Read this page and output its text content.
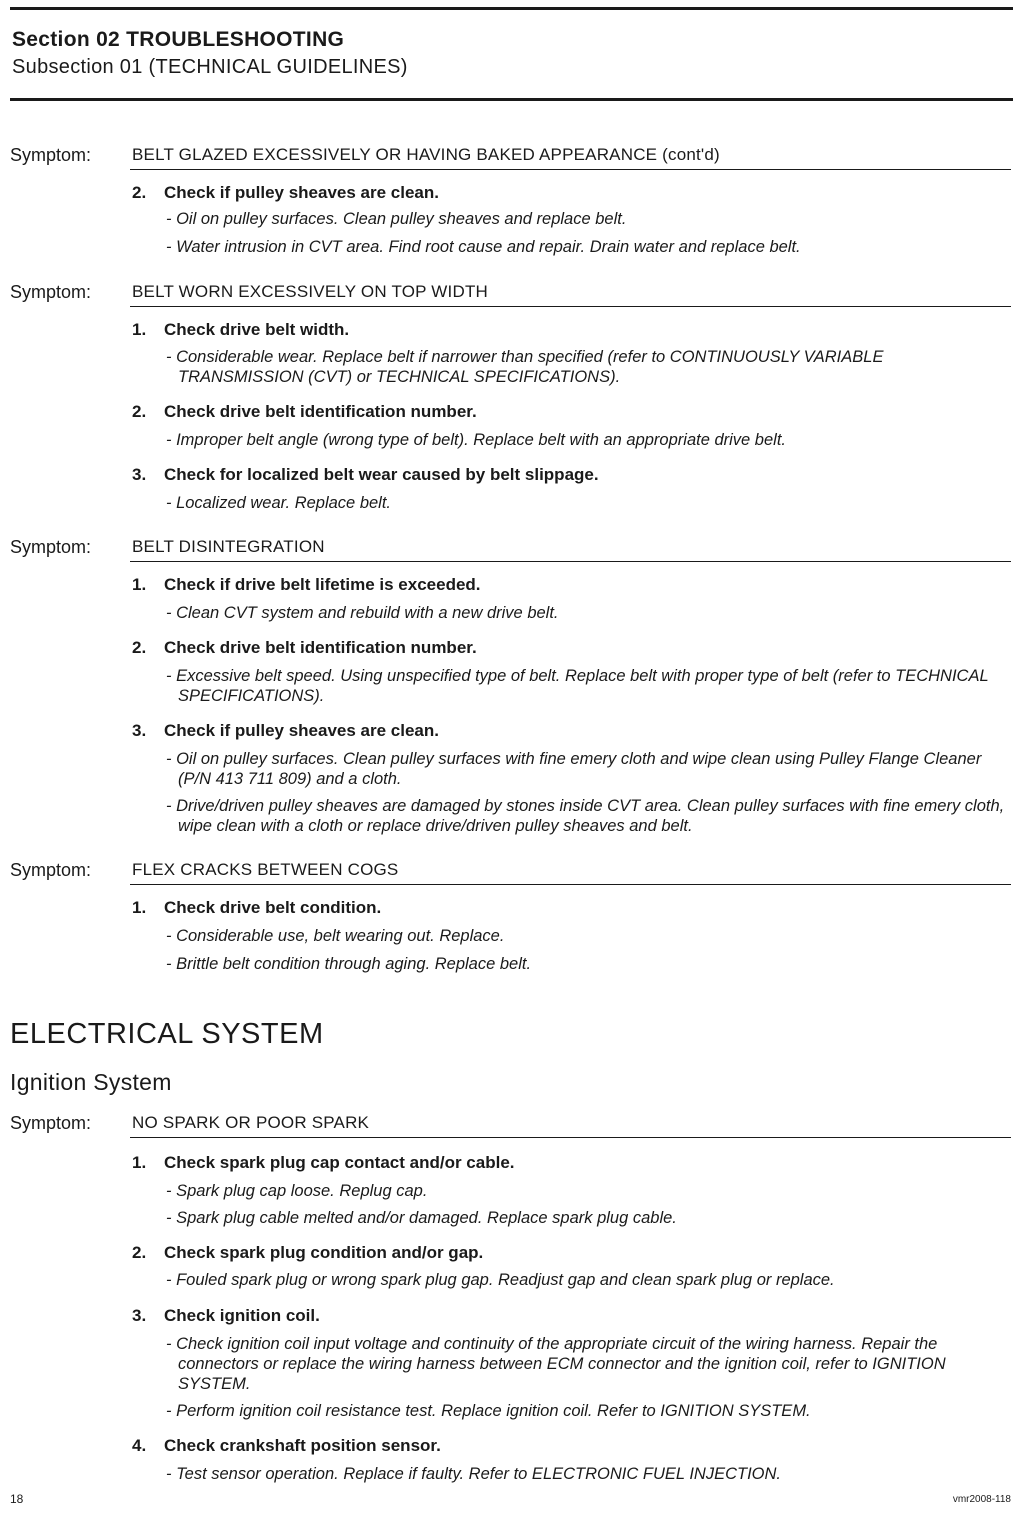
Section 02 TROUBLESHOOTING
Subsection 01 (TECHNICAL GUIDELINES)
Symptom: BELT GLAZED EXCESSIVELY OR HAVING BAKED APPEARANCE (cont'd)
2. Check if pulley sheaves are clean.
- Oil on pulley surfaces. Clean pulley sheaves and replace belt.
- Water intrusion in CVT area. Find root cause and repair. Drain water and replace belt.
Symptom: BELT WORN EXCESSIVELY ON TOP WIDTH
1. Check drive belt width.
- Considerable wear. Replace belt if narrower than specified (refer to CONTINUOUSLY VARIABLE TRANSMISSION (CVT) or TECHNICAL SPECIFICATIONS).
2. Check drive belt identification number.
- Improper belt angle (wrong type of belt). Replace belt with an appropriate drive belt.
3. Check for localized belt wear caused by belt slippage.
- Localized wear. Replace belt.
Symptom: BELT DISINTEGRATION
1. Check if drive belt lifetime is exceeded.
- Clean CVT system and rebuild with a new drive belt.
2. Check drive belt identification number.
- Excessive belt speed. Using unspecified type of belt. Replace belt with proper type of belt (refer to TECHNICAL SPECIFICATIONS).
3. Check if pulley sheaves are clean.
- Oil on pulley surfaces. Clean pulley surfaces with fine emery cloth and wipe clean using Pulley Flange Cleaner (P/N 413 711 809) and a cloth.
- Drive/driven pulley sheaves are damaged by stones inside CVT area. Clean pulley surfaces with fine emery cloth, wipe clean with a cloth or replace drive/driven pulley sheaves and belt.
Symptom: FLEX CRACKS BETWEEN COGS
1. Check drive belt condition.
- Considerable use, belt wearing out. Replace.
- Brittle belt condition through aging. Replace belt.
Symptom: NO SPARK OR POOR SPARK
1. Check spark plug cap contact and/or cable.
- Spark plug cap loose. Replug cap.
- Spark plug cable melted and/or damaged. Replace spark plug cable.
2. Check spark plug condition and/or gap.
- Fouled spark plug or wrong spark plug gap. Readjust gap and clean spark plug or replace.
3. Check ignition coil.
- Check ignition coil input voltage and continuity of the appropriate circuit of the wiring harness. Repair the connectors or replace the wiring harness between ECM connector and the ignition coil, refer to IGNITION SYSTEM.
- Perform ignition coil resistance test. Replace ignition coil. Refer to IGNITION SYSTEM.
4. Check crankshaft position sensor.
- Test sensor operation. Replace if faulty. Refer to ELECTRONIC FUEL INJECTION.
ELECTRICAL SYSTEM
Ignition System
18	vmr2008-118
